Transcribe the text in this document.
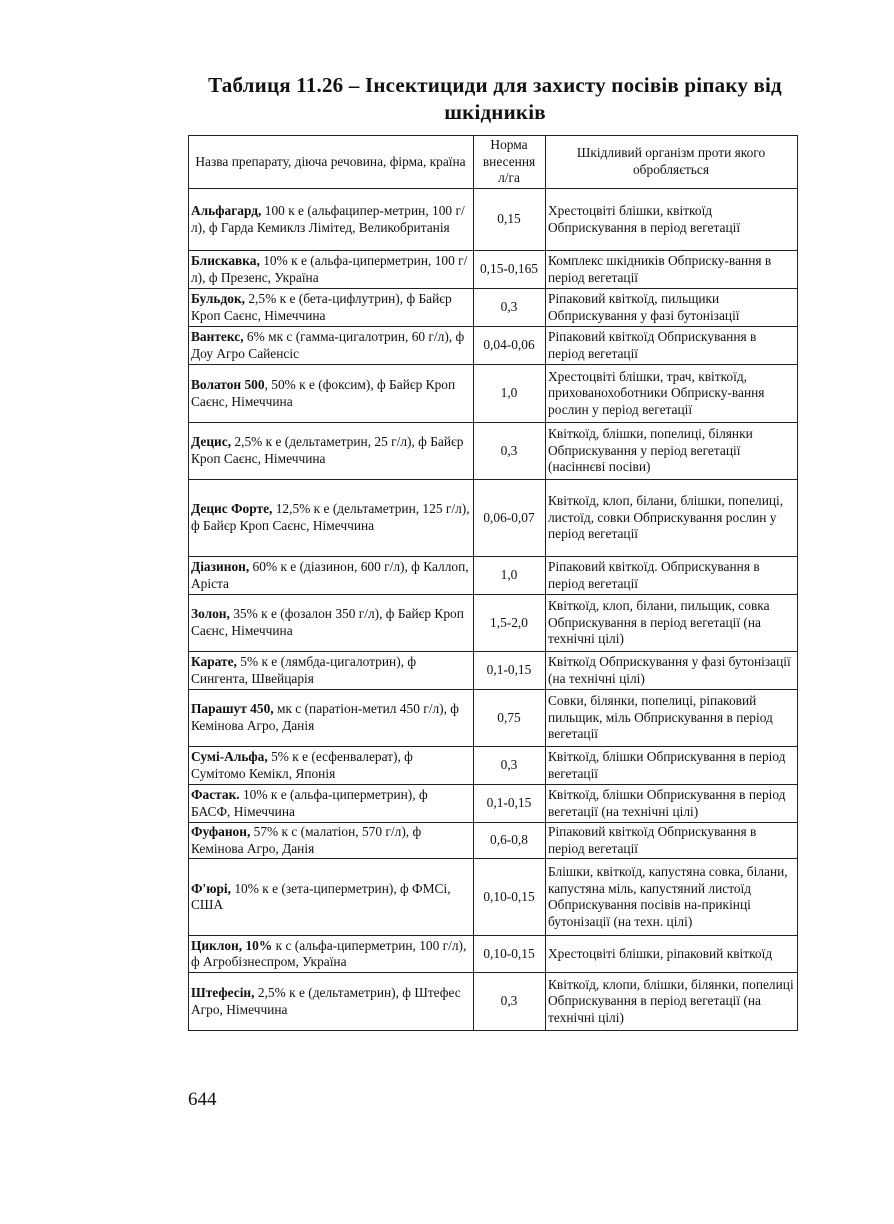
Таблиця 11.26 – Інсектициди для захисту посівів ріпаку від шкідників
Назва препарату, діюча речовина, фірма, країна	Норма внесення л/га	Шкідливий організм проти якого обробляється
Альфагард, 100 к е (альфаципер-метрин, 100 г/л), ф Гарда Кемиклз Лімітед, Великобританія	0,15	Хрестоцвіті блішки, квіткоїд Обприскування в період вегетації
Блискавка, 10% к е (альфа-циперметрин, 100 г/л), ф Презенс, Україна	0,15-0,165	Комплекс шкідників Обприску-вання в період вегетації
Бульдок, 2,5% к е (бета-цифлутрин), ф Байєр Кроп Саєнс, Німеччина	0,3	Ріпаковий квіткоїд, пильщики Обприскування у фазі бутонізації
Вантекс, 6% мк с (гамма-цигалотрин, 60 г/л), ф Доу Агро Сайенсіс	0,04-0,06	Ріпаковий квіткоїд Обприскування в період вегетації
Волатон 500, 50% к е (фоксим), ф Байєр Кроп Саєнс, Німеччина	1,0	Хрестоцвіті блішки, трач, квіткоїд, прихованохоботники Обприску-вання рослин у період вегетації
Децис, 2,5% к е (дельтаметрин, 25 г/л), ф Байєр Кроп Саєнс, Німеччина	0,3	Квіткоїд, блішки, попелиці, білянки Обприскування у період вегетації (насіннєві посіви)
Децис Форте, 12,5% к е (дельтаметрин, 125 г/л), ф Байєр Кроп Саєнс, Німеччина	0,06-0,07	Квіткоїд, клоп, білани, блішки, попелиці, листоїд, совки Обприскування рослин у період вегетації
Діазинон, 60% к е (діазинон, 600 г/л), ф Каллоп, Арiста	1,0	Ріпаковий квіткоїд. Обприскування в період вегетації
Золон, 35% к е (фозалон 350 г/л), ф Байєр Кроп Саєнс, Німеччина	1,5-2,0	Квіткоїд, клоп, білани, пильщик, совка Обприскування в період вегетації (на технічні цілі)
Карате, 5% к е (лямбда-цигалотрин), ф Сингента, Швейцарія	0,1-0,15	Квіткоїд Обприскування у фазі бутонізації (на технічні цілі)
Парашут 450, мк с (паратіон-метил 450 г/л), ф Кемінова Агро, Данія	0,75	Совки, білянки, попелиці, ріпаковий пильщик, міль Обприскування в період вегетації
Сумі-Альфа, 5% к е (есфенвалерат), ф Сумітомо Кемікл, Японія	0,3	Квіткоїд, блішки Обприскування в період вегетації
Фастак. 10% к е (альфа-циперметрин), ф БАСФ, Німеччина	0,1-0,15	Квіткоїд, блішки Обприскування в період вегетації (на технічні цілі)
Фуфанон, 57% к с (малатіон, 570 г/л), ф Кемінова Агро, Данія	0,6-0,8	Ріпаковий квіткоїд Обприскування в період вегетації
Ф'юрі, 10% к е (зета-циперметрин), ф ФМСі, США	0,10-0,15	Блішки, квіткоїд, капустяна совка, білани, капустяна міль, капустяний листоїд Обприскування посівів на-прикінці бутонізації (на техн. цілі)
Циклон, 10% к с (альфа-циперметрин, 100 г/л), ф Агробізнеспром, Україна	0,10-0,15	Хрестоцвіті блішки, ріпаковий квіткоїд
Штефесін, 2,5% к е (дельтаметрин), ф Штефес Агро, Німеччина	0,3	Квіткоїд, клопи, блішки, білянки, попелиці Обприскування в період вегетації (на технічні цілі)
644
